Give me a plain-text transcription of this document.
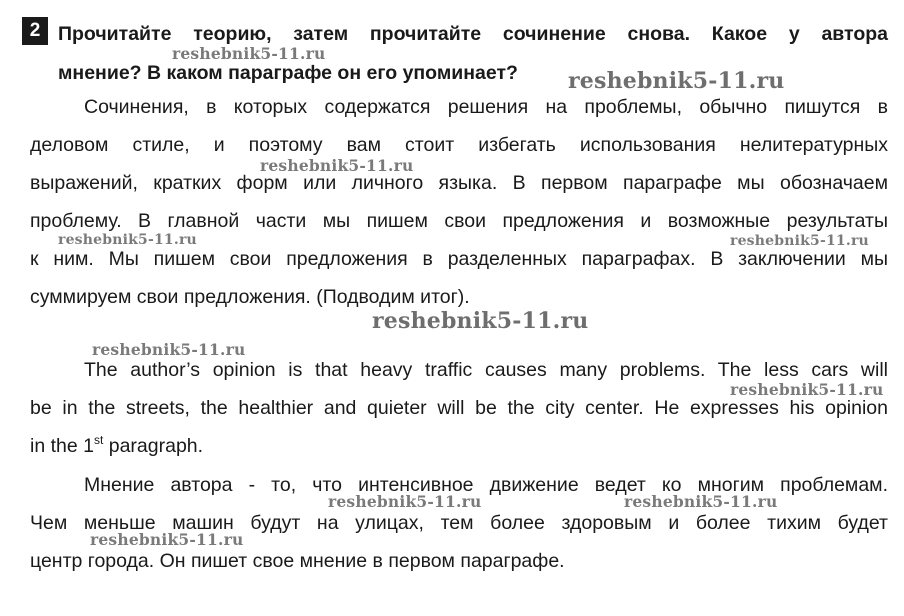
2 Прочитайте теорию, затем прочитайте сочинение снова. Какое у автора
мнение? В каком параграфе он его упоминает?
Сочинения, в которых содержатся решения на проблемы, обычно пишутся в
деловом стиле, и поэтому вам стоит избегать использования нелитературных
выражений, кратких форм или личного языка. В первом параграфе мы обозначаем
проблему. В главной части мы пишем свои предложения и возможные результаты
к ним. Мы пишем свои предложения в разделенных параграфах. В заключении мы
суммируем свои предложения. (Подводим итог).
The author’s opinion is that heavy traffic causes many problems. The less cars will
be in the streets, the healthier and quieter will be the city center. He expresses his opinion
in the 1st paragraph.
Мнение автора - то, что интенсивное движение ведет ко многим проблемам.
Чем меньше машин будут на улицах, тем более здоровым и более тихим будет
центр города. Он пишет свое мнение в первом параграфе.
reshebnik5-11.ru
reshebnik5-11.ru
reshebnik5-11.ru
reshebnik5-11.ru	reshebnik5-11.ru
reshebnik5-11.ru
reshebnik5-11.ru
reshebnik5-11.ru
reshebnik5-11.ru	reshebnik5-11.ru
reshebnik5-11.ru
